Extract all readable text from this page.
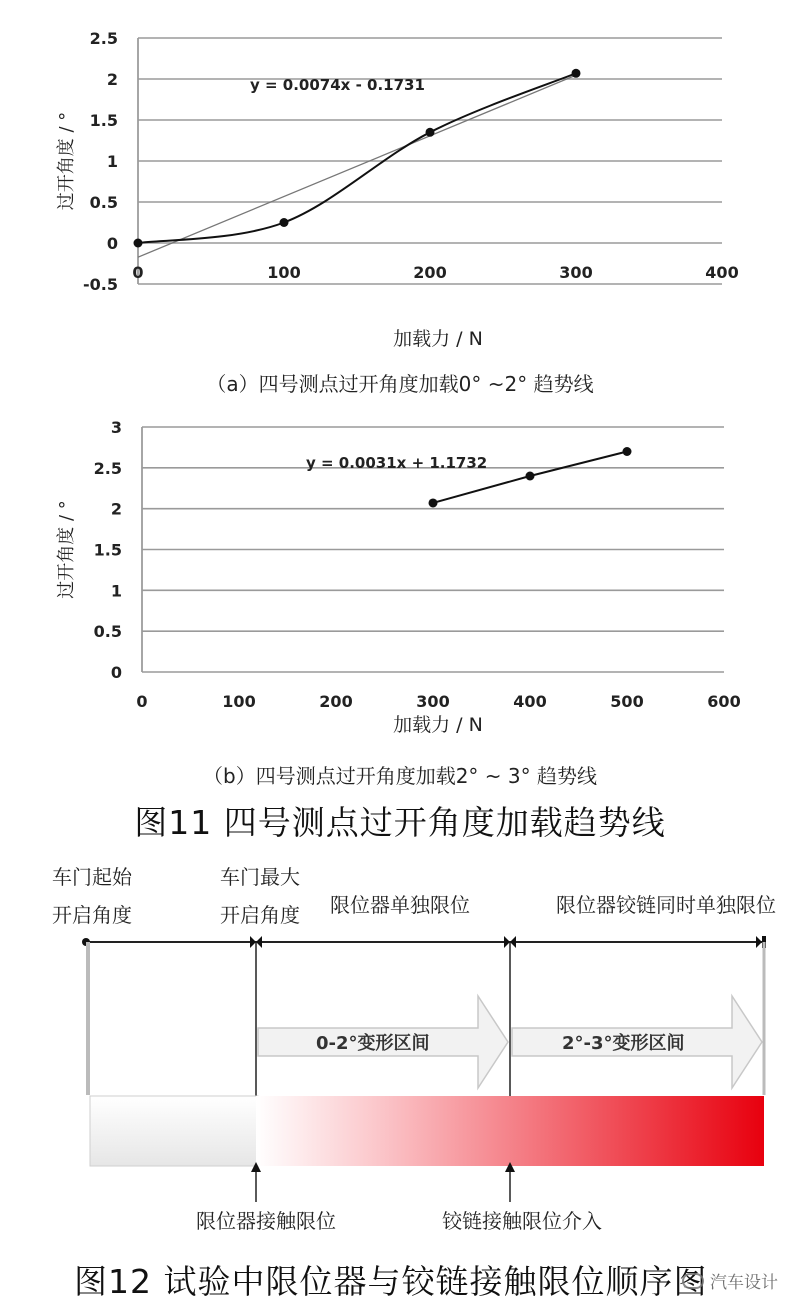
2.5
2
1.5
1
0.5
0
-0.5
0	100	200	300	400
加载力 / N
过开角度 / °
y = 0.0074x - 0.1731
（a）四号测点过开角度加载0° ~2° 趋势线
3
2.5
2
1.5
1
0.5
0
0	100	200	300	400	500	600
加载力 / N
过开角度 / °
y = 0.0031x + 1.1732
（b）四号测点过开角度加载2° ~ 3° 趋势线
图11 四号测点过开角度加载趋势线
车门起始
开启角度
车门最大
开启角度 限位器单独限位	限位器铰链同时单独限位
0-2°变形区间	2°-3°变形区间
限位器接触限位	铰链接触限位介入
图12 试验中限位器与铰链接触限位顺序图 汽车设计
